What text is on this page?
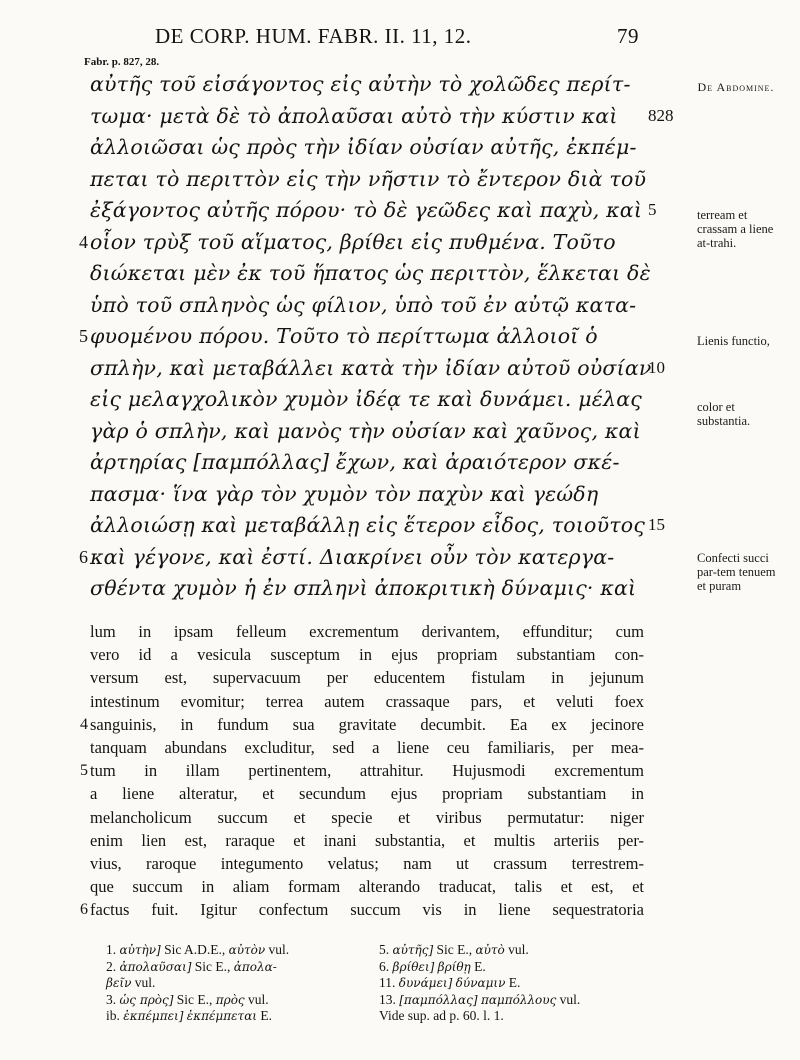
DE CORP. HUM. FABR. II. 11, 12.	79
Fabr. p. 827, 28.
αὐτῆς τοῦ εἰσάγοντος εἰς αὐτὴν τὸ χολῶδες περίτ-
τωμα· μετὰ δὲ τὸ ἀπολαῦσαι αὐτὸ τὴν κύστιν καὶ	828
ἀλλοιῶσαι ὡς πρὸς τὴν ἰδίαν οὐσίαν αὐτῆς, ἐκπέμ-
πεται τὸ περιττὸν εἰς τὴν νῆστιν τὸ ἔντερον διὰ τοῦ
ἐξάγοντος αὐτῆς πόρου· τὸ δὲ γεῶδες καὶ παχὺ, καὶ 5
4 οἷον τρὺξ τοῦ αἵματος, βρίθει εἰς πυθμένα. Τοῦτο
διώκεται μὲν ἐκ τοῦ ἥπατος ὡς περιττὸν, ἕλκεται δὲ
ὑπὸ τοῦ σπληνὸς ὡς φίλιον, ὑπὸ τοῦ ἐν αὐτῷ κατα-
5 φυομένου πόρου. Τοῦτο τὸ περίττωμα ἀλλοιοῖ ὁ
σπλὴν, καὶ μεταβάλλει κατὰ τὴν ἰδίαν αὐτοῦ οὐσίαν
10
εἰς μελαγχολικὸν χυμὸν ἰδέᾳ τε καὶ δυνάμει. μέλας
γὰρ ὁ σπλὴν, καὶ μανὸς τὴν οὐσίαν καὶ χαῦνος, καὶ
ἀρτηρίας [παμπόλλας] ἔχων, καὶ ἀραιότερον σκέ-
πασμα· ἵνα γὰρ τὸν χυμὸν τὸν παχὺν καὶ γεώδη
ἀλλοιώσῃ καὶ μεταβάλλῃ εἰς ἕτερον εἶδος, τοιοῦτος 15
6 καὶ γέγονε, καὶ ἐστί. Διακρίνει οὖν τὸν κατεργα-
σθέντα χυμὸν ἡ ἐν σπληνὶ ἀποκριτικὴ δύναμις· καὶ
De Abdomine.
terream et crassam a liene at-trahi.
Lienis functio,
color et substantia.
Confecti succi par-tem tenuem et puram
lum in ipsam felleum excrementum derivantem, effunditur; cum
vero id a vesicula susceptum in ejus propriam substantiam con-
versum est, supervacuum per educentem fistulam in jejunum
intestinum evomitur; terrea autem crassaque pars, et veluti foex
4 sanguinis, in fundum sua gravitate decumbit. Ea ex jecinore
tanquam abundans excluditur, sed a liene ceu familiaris, per mea-
5 tum in illam pertinentem, attrahitur. Hujusmodi excrementum
a liene alteratur, et secundum ejus propriam substantiam in
melancholicum succum et specie et viribus permutatur: niger
enim lien est, raraque et inani substantia, et multis arteriis per-
vius, raroque integumento velatus; nam ut crassum terrestrem-
que succum in aliam formam alterando traducat, talis et est, et
6 factus fuit. Igitur confectum succum vis in liene sequestratoria
1. αὐτὴν] Sic A.D.E., αὐτὸν vul.
2. ἀπολαῦσαι] Sic E., ἀπολα-
βεῖν vul.
3. ὡς πρὸς] Sic E., πρὸς vul.
ib. ἐκπέμπει] ἐκπέμπεται E.
5. αὐτῆς] Sic E., αὐτὸ vul.
6. βρίθει] βρίθῃ E.
11. δυνάμει] δύναμιν E.
13. [παμπόλλας] παμπόλλους vul.
Vide sup. ad p. 60. l. 1.
